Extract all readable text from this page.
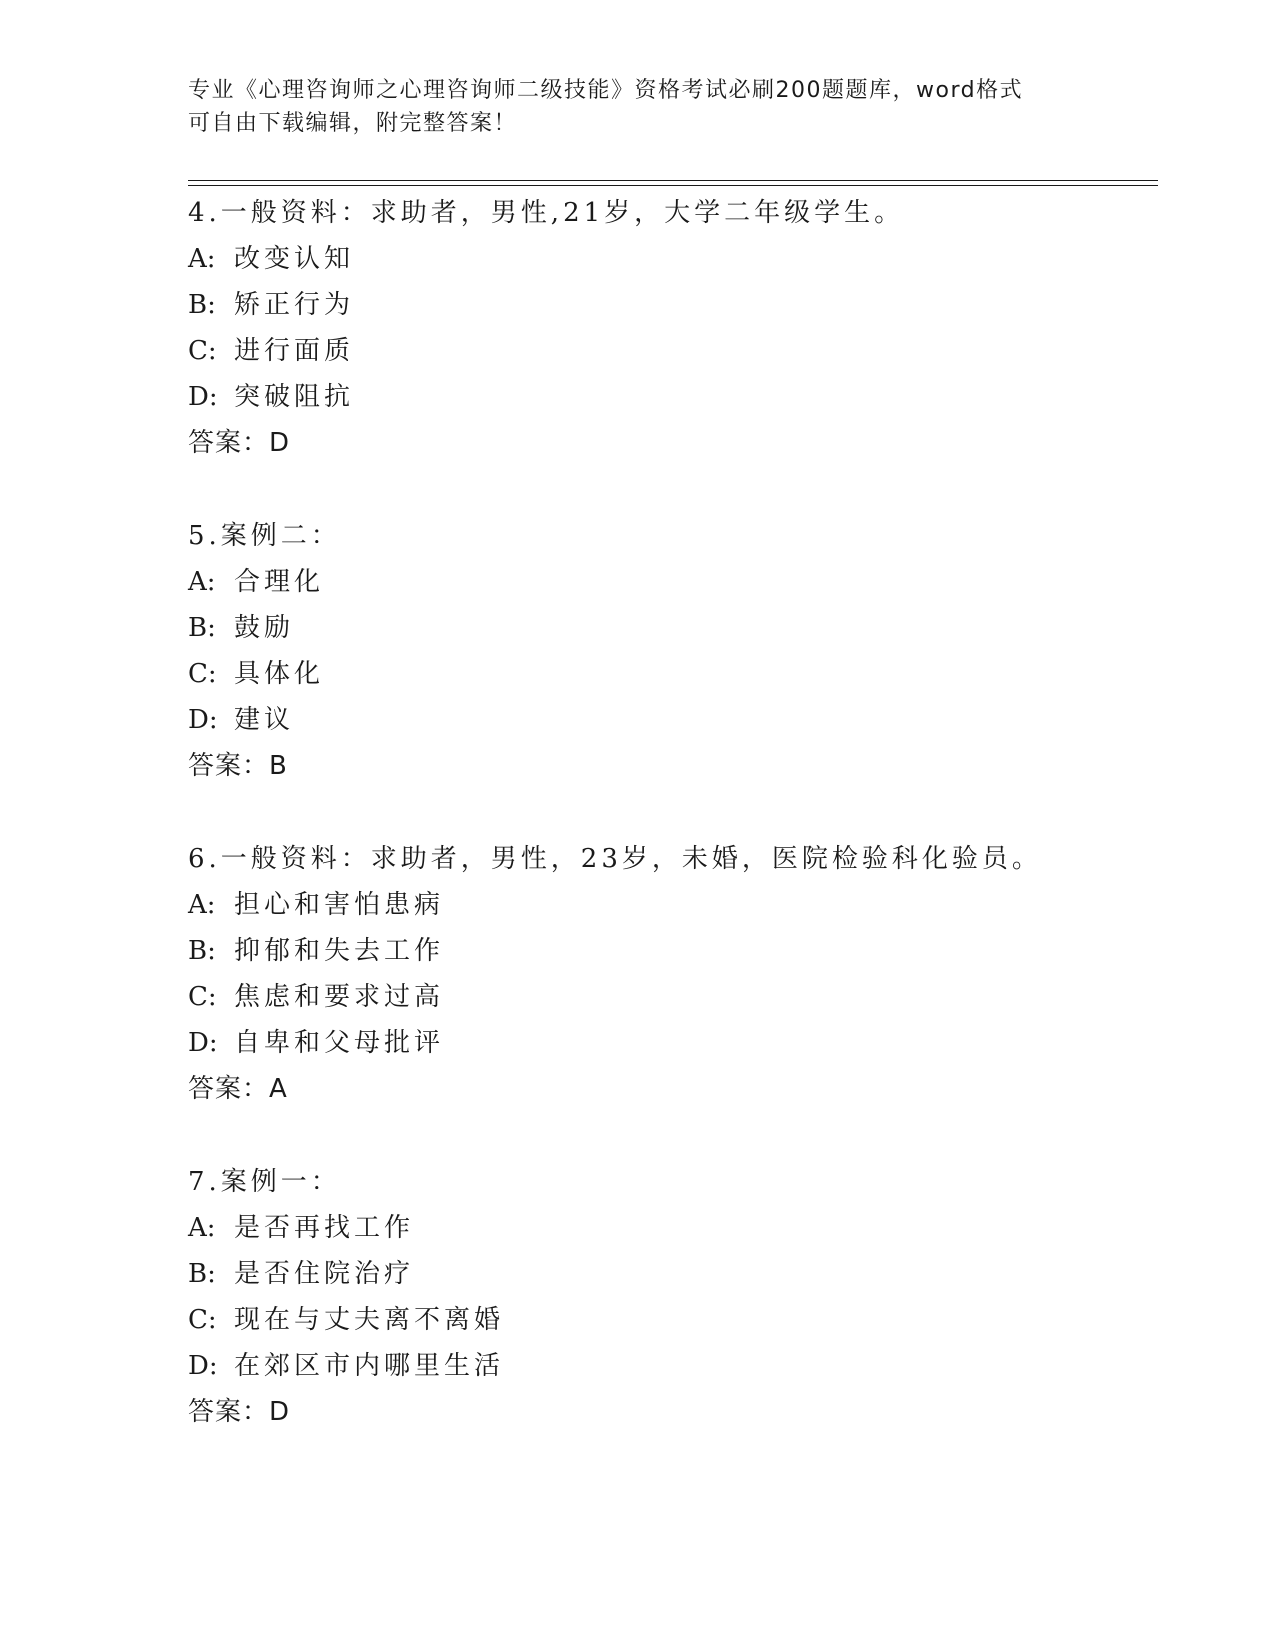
专业《心理咨询师之心理咨询师二级技能》资格考试必刷200题题库，word格式
可自由下载编辑，附完整答案！
4.一般资料：求助者，男性,21岁，大学二年级学生。
A: 改变认知
B: 矫正行为
C: 进行面质
D: 突破阻抗
答案：D
5.案例二：
A: 合理化
B: 鼓励
C: 具体化
D: 建议
答案：B
6.一般资料：求助者，男性，23岁，未婚，医院检验科化验员。
A: 担心和害怕患病
B: 抑郁和失去工作
C: 焦虑和要求过高
D: 自卑和父母批评
答案：A
7.案例一：
A: 是否再找工作
B: 是否住院治疗
C: 现在与丈夫离不离婚
D: 在郊区市内哪里生活
答案：D
